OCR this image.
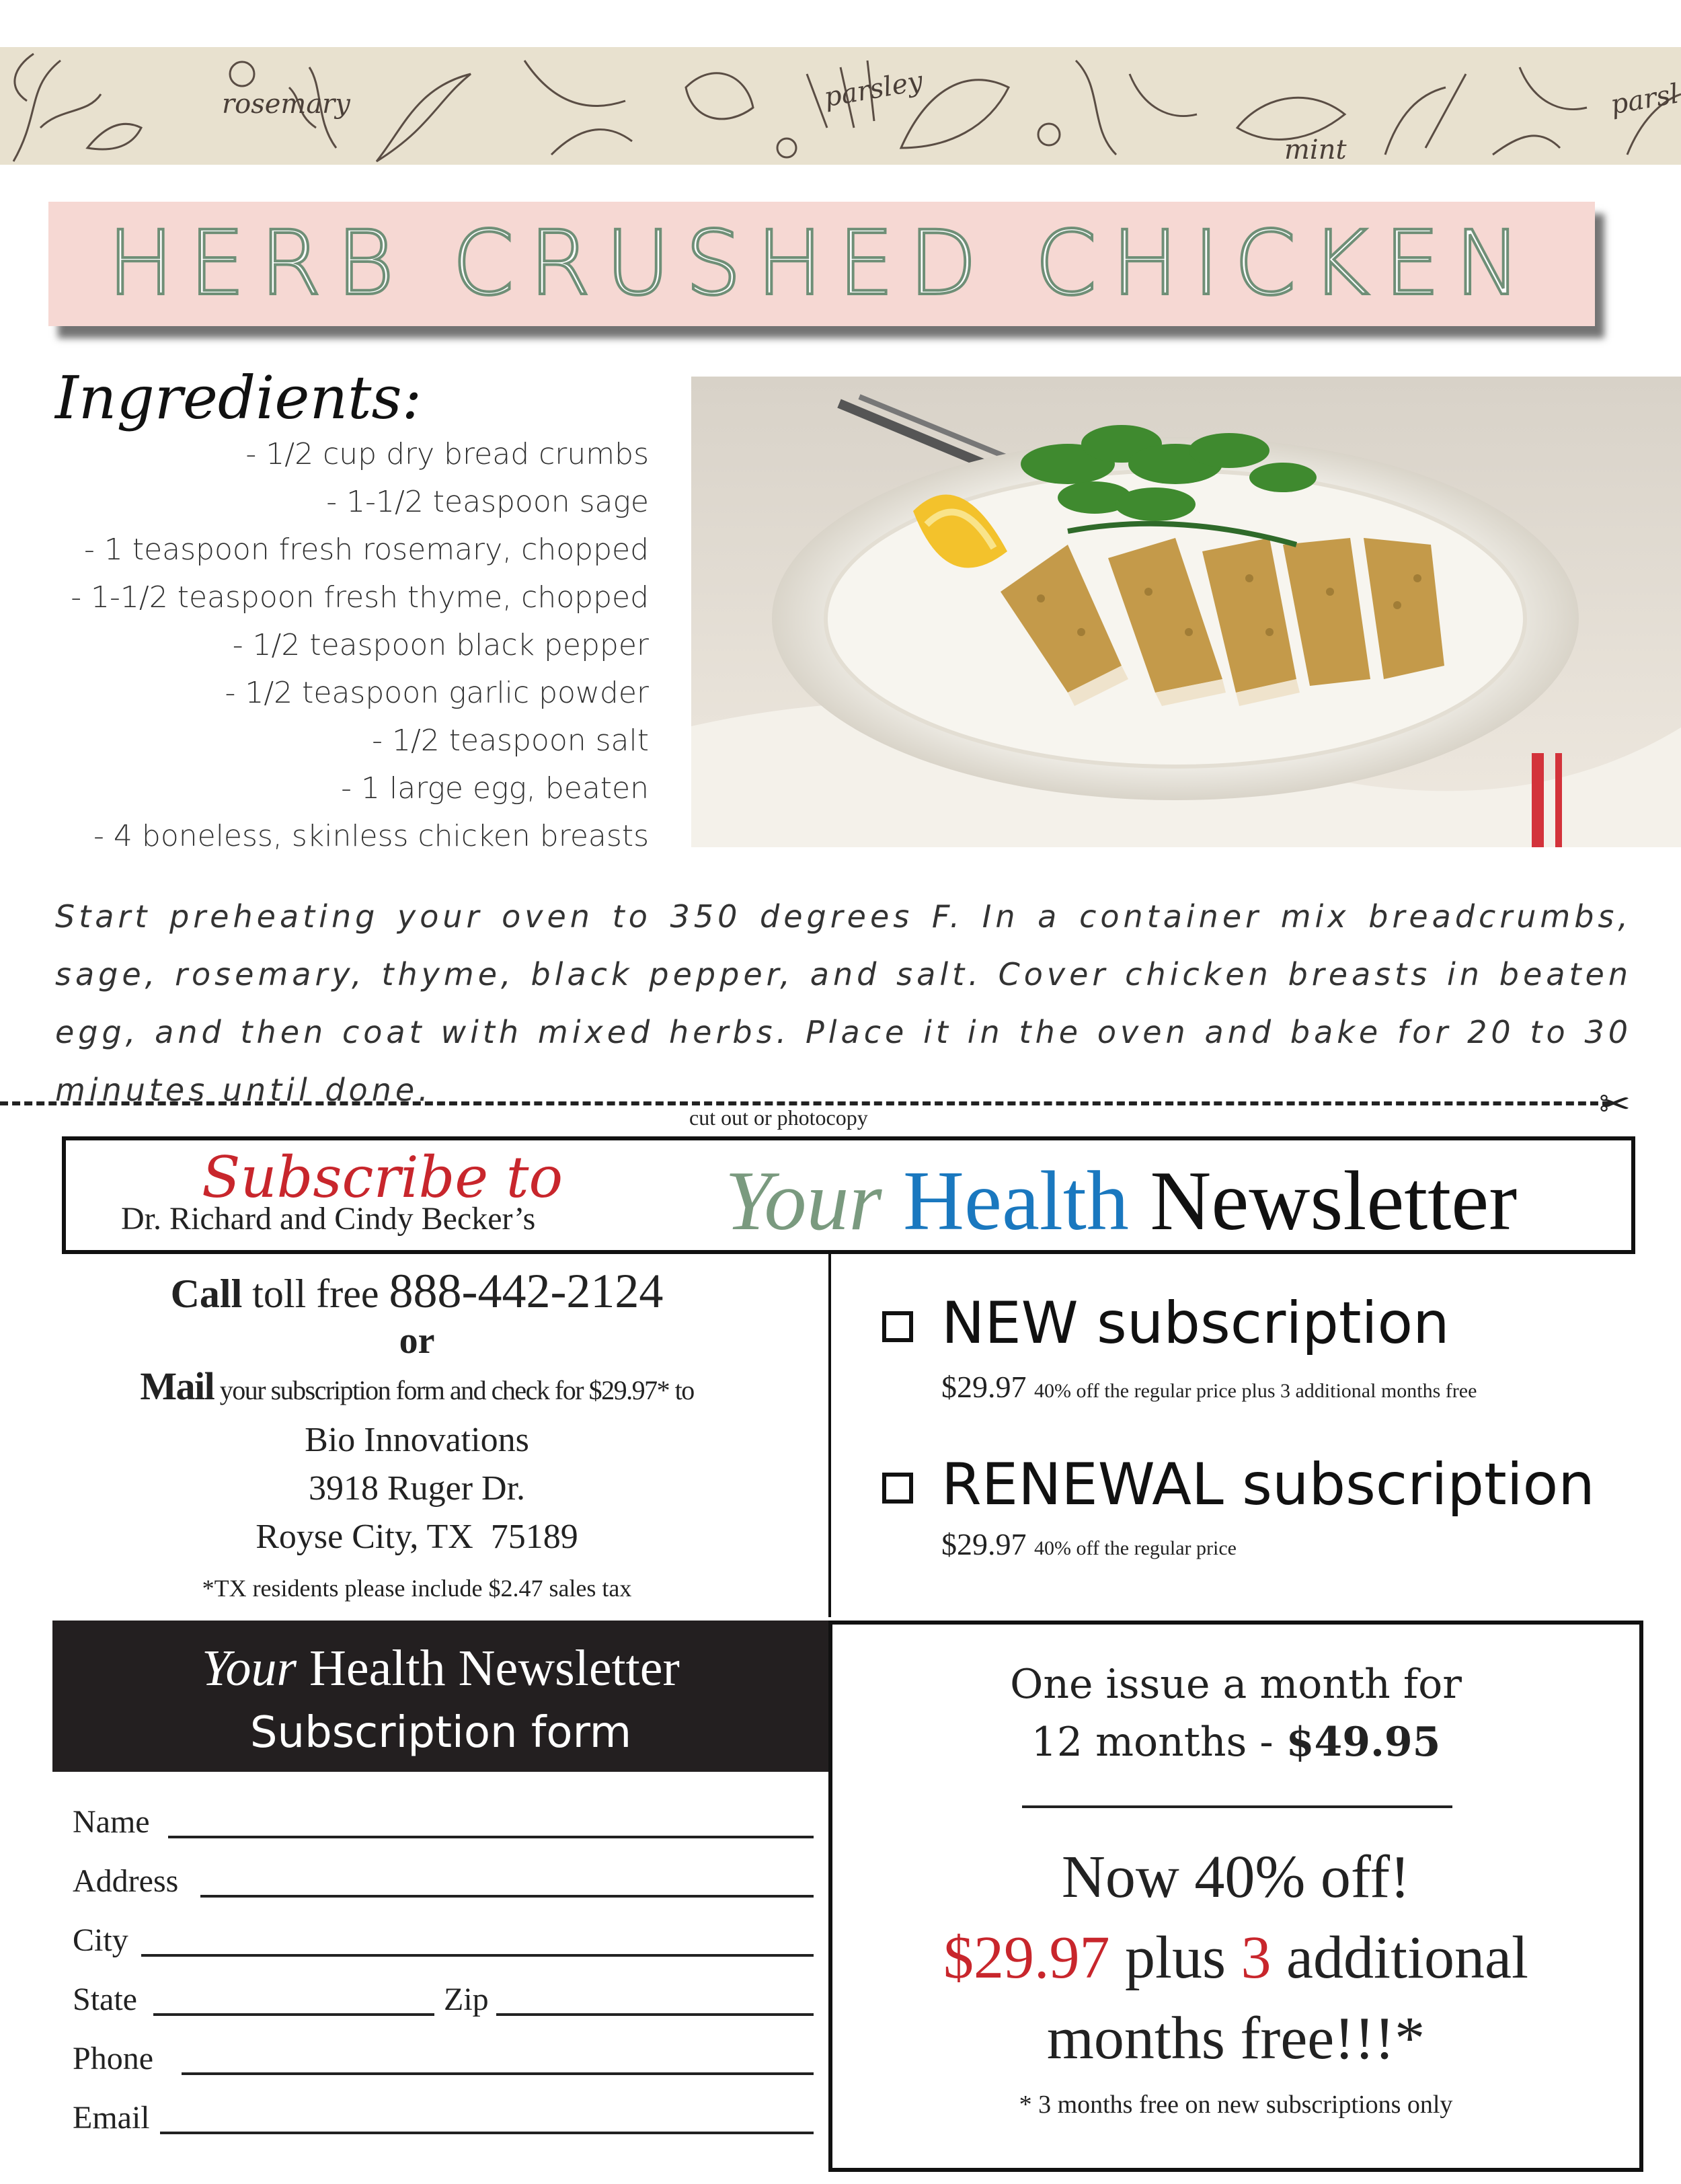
rosemary	parsley
mint
parsl
HERB CRUSHED CHICKEN
Ingredients:
- 1/2 cup dry bread crumbs
- 1-1/2 teaspoon sage
- 1 teaspoon fresh rosemary, chopped
- 1-1/2 teaspoon fresh thyme, chopped
- 1/2 teaspoon black pepper
- 1/2 teaspoon garlic powder
- 1/2 teaspoon salt
- 1 large egg, beaten
- 4 boneless, skinless chicken breasts
Start preheating your oven to 350 degrees F. In a container mix breadcrumbs, sage, rosemary, thyme, black pepper, and salt. Cover chicken breasts in beaten egg, and then coat with mixed herbs. Place it in the oven and bake for 20 to 30 minutes until done.	✂
cut out or photocopy
Subscribe to
Dr. Richard and Cindy Becker’s Your Health Newsletter
Call toll free 888-442-2124
or
Mail your subscription form and check for $29.97* to
Bio Innovations
3918 Ruger Dr.
Royse City, TX  75189
*TX residents please include $2.47 sales tax
NEW subscription
$29.97 40% off the regular price plus 3 additional months free
RENEWAL subscription
$29.97 40% off the regular price
Your Health Newsletter
Subscription form
Name
Address
City
State	Zip
Phone
Email
One issue a month for
12 months - $49.95
Now 40% off!
$29.97 plus 3 additional
months free!!!*
* 3 months free on new subscriptions only
